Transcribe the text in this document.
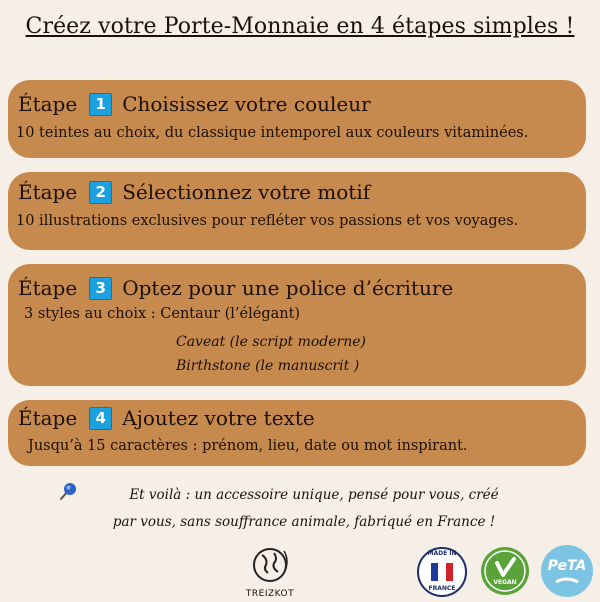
Créez votre Porte-Monnaie en 4 étapes simples !
Étape	1 Choisissez votre couleur
10 teintes au choix, du classique intemporel aux couleurs vitaminées.
Étape	2 Sélectionnez votre motif
10 illustrations exclusives pour refléter vos passions et vos voyages.
Étape	3 Optez pour une police d’écriture
3 styles au choix : Centaur (l’élégant)
Caveat (le script moderne)
Birthstone (le manuscrit )
Étape	4 Ajoutez votre texte
Jusqu’à 15 caractères : prénom, lieu, date ou mot inspirant.
Et voilà : un accessoire unique, pensé pour vous, créé
par vous, sans souffrance animale, fabriqué en France !
TREIZKOT
MADE IN
FRANCE
VEGAN
PeTA
